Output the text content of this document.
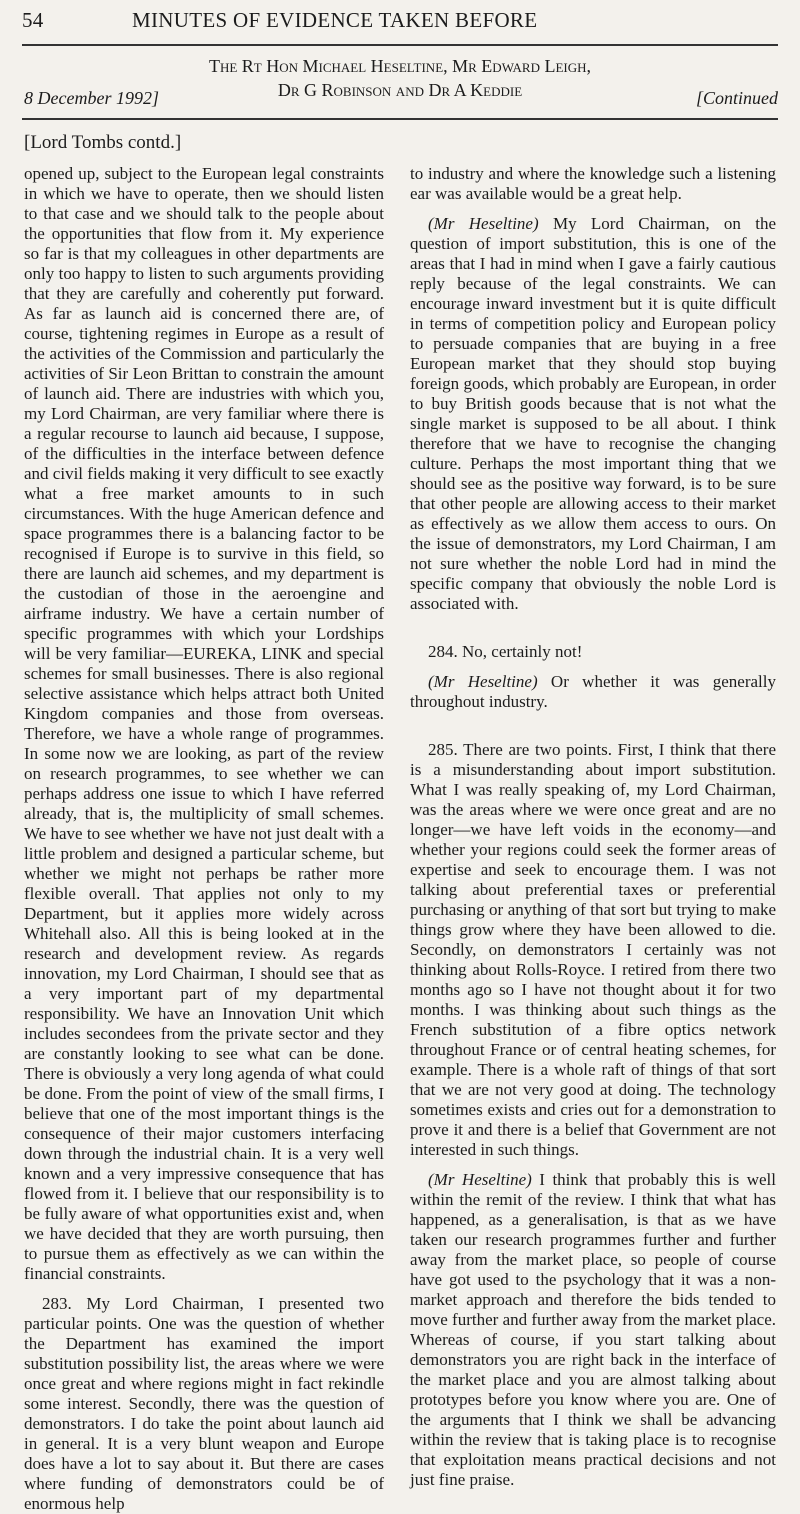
54	MINUTES OF EVIDENCE TAKEN BEFORE
8 December 1992]
The Rt Hon Michael Heseltine, Mr Edward Leigh,
Dr G Robinson and Dr A Keddie	[Continued
[Lord Tombs contd.]

opened up, subject to the European legal constraints in which we have to operate, then we should listen to that case and we should talk to the people about the opportunities that flow from it. My experience so far is that my colleagues in other departments are only too happy to listen to such arguments providing that they are carefully and coherently put forward. As far as launch aid is concerned there are, of course, tightening regimes in Europe as a result of the activities of the Commission and particularly the activities of Sir Leon Brittan to constrain the amount of launch aid. There are industries with which you, my Lord Chairman, are very familiar where there is a regular recourse to launch aid because, I suppose, of the difficulties in the interface between defence and civil fields making it very difficult to see exactly what a free market amounts to in such circumstances. With the huge American defence and space programmes there is a balancing factor to be recognised if Europe is to survive in this field, so there are launch aid schemes, and my department is the custodian of those in the aeroengine and airframe industry. We have a certain number of specific programmes with which your Lordships will be very familiar—EUREKA, LINK and special schemes for small businesses. There is also regional selective assistance which helps attract both United Kingdom companies and those from overseas. Therefore, we have a whole range of programmes. In some now we are looking, as part of the review on research programmes, to see whether we can perhaps address one issue to which I have referred already, that is, the multiplicity of small schemes. We have to see whether we have not just dealt with a little problem and designed a particular scheme, but whether we might not perhaps be rather more flexible overall. That applies not only to my Department, but it applies more widely across Whitehall also. All this is being looked at in the research and development review. As regards innovation, my Lord Chairman, I should see that as a very important part of my departmental responsibility. We have an Innovation Unit which includes secondees from the private sector and they are constantly looking to see what can be done. There is obviously a very long agenda of what could be done. From the point of view of the small firms, I believe that one of the most important things is the consequence of their major customers interfacing down through the industrial chain. It is a very well known and a very impressive consequence that has flowed from it. I believe that our responsibility is to be fully aware of what opportunities exist and, when we have decided that they are worth pursuing, then to pursue them as effectively as we can within the financial constraints.

283. My Lord Chairman, I presented two particular points. One was the question of whether the Department has examined the import substitution possibility list, the areas where we were once great and where regions might in fact rekindle some interest. Secondly, there was the question of demonstrators. I do take the point about launch aid in general. It is a very blunt weapon and Europe does have a lot to say about it. But there are cases where funding of demonstrators could be of enormous help

to industry and where the knowledge such a listening ear was available would be a great help.

(Mr Heseltine) My Lord Chairman, on the question of import substitution, this is one of the areas that I had in mind when I gave a fairly cautious reply because of the legal constraints. We can encourage inward investment but it is quite difficult in terms of competition policy and European policy to persuade companies that are buying in a free European market that they should stop buying foreign goods, which probably are European, in order to buy British goods because that is not what the single market is supposed to be all about. I think therefore that we have to recognise the changing culture. Perhaps the most important thing that we should see as the positive way forward, is to be sure that other people are allowing access to their market as effectively as we allow them access to ours. On the issue of demonstrators, my Lord Chairman, I am not sure whether the noble Lord had in mind the specific company that obviously the noble Lord is associated with.

284. No, certainly not!

(Mr Heseltine) Or whether it was generally throughout industry.

285. There are two points. First, I think that there is a misunderstanding about import substitution. What I was really speaking of, my Lord Chairman, was the areas where we were once great and are no longer—we have left voids in the economy—and whether your regions could seek the former areas of expertise and seek to encourage them. I was not talking about preferential taxes or preferential purchasing or anything of that sort but trying to make things grow where they have been allowed to die. Secondly, on demonstrators I certainly was not thinking about Rolls-Royce. I retired from there two months ago so I have not thought about it for two months. I was thinking about such things as the French substitution of a fibre optics network throughout France or of central heating schemes, for example. There is a whole raft of things of that sort that we are not very good at doing. The technology sometimes exists and cries out for a demonstration to prove it and there is a belief that Government are not interested in such things.

(Mr Heseltine) I think that probably this is well within the remit of the review. I think that what has happened, as a generalisation, is that as we have taken our research programmes further and further away from the market place, so people of course have got used to the psychology that it was a non-market approach and therefore the bids tended to move further and further away from the market place. Whereas of course, if you start talking about demonstrators you are right back in the interface of the market place and you are almost talking about prototypes before you know where you are. One of the arguments that I think we shall be advancing within the review that is taking place is to recognise that exploitation means practical decisions and not just fine praise.
